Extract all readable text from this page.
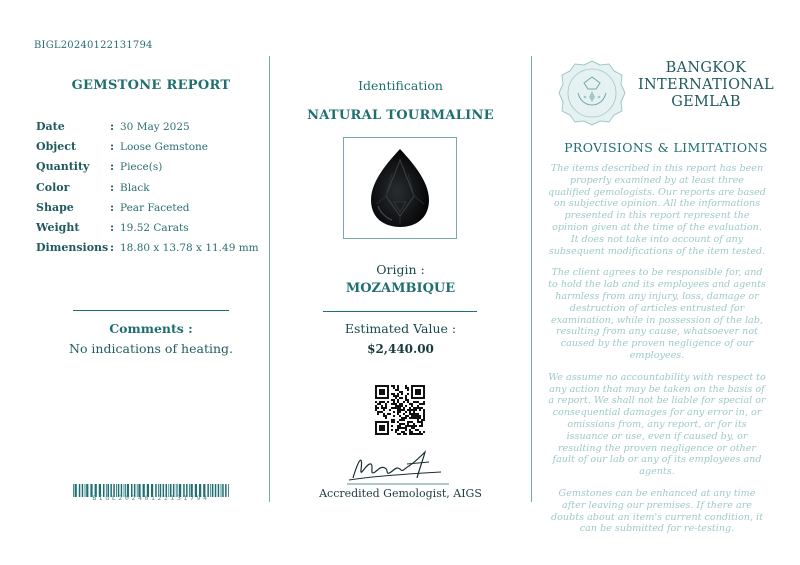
BIGL20240122131794
GEMSTONE REPORT
Date	: 30 May 2025
Object	: Loose Gemstone
Quantity : Piece(s)
Color	: Black
Shape	: Pear Faceted
Weight	: 19.52 Carats
Dimensions : 18.80 x 13.78 x 11.49 mm
Comments :
No indications of heating.
BIGL20240122131794
Identification
NATURAL TOURMALINE
Origin :
MOZAMBIQUE
Estimated Value :
$2,440.00
Accredited Gemologist, AIGS
BANGKOK
INTERNATIONAL
GEMLAB
PROVISIONS & LIMITATIONS

The items described in this report has been properly examined by at least three qualified gemologists. Our reports are based on subjective opinion. All the informations presented in this report represent the opinion given at the time of the evaluation. It does not take into account of any subsequent modifications of the item tested.

The client agrees to be responsible for, and to hold the lab and its employees and agents harmless from any injury, loss, damage or destruction of articles entrusted for examination, while in possession of the lab, resulting from any cause, whatsoever not caused by the proven negligence of our employees.

We assume no accountability with respect to any action that may be taken on the basis of a report. We shall not be liable for special or consequential damages for any error in, or omissions from, any report, or for its issuance or use, even if caused by, or resulting the proven negligence or other fault of our lab or any of its employees and agents.

Gemstones can be enhanced at any time after leaving our premises. If there are doubts about an item's current condition, it can be submitted for re-testing.
